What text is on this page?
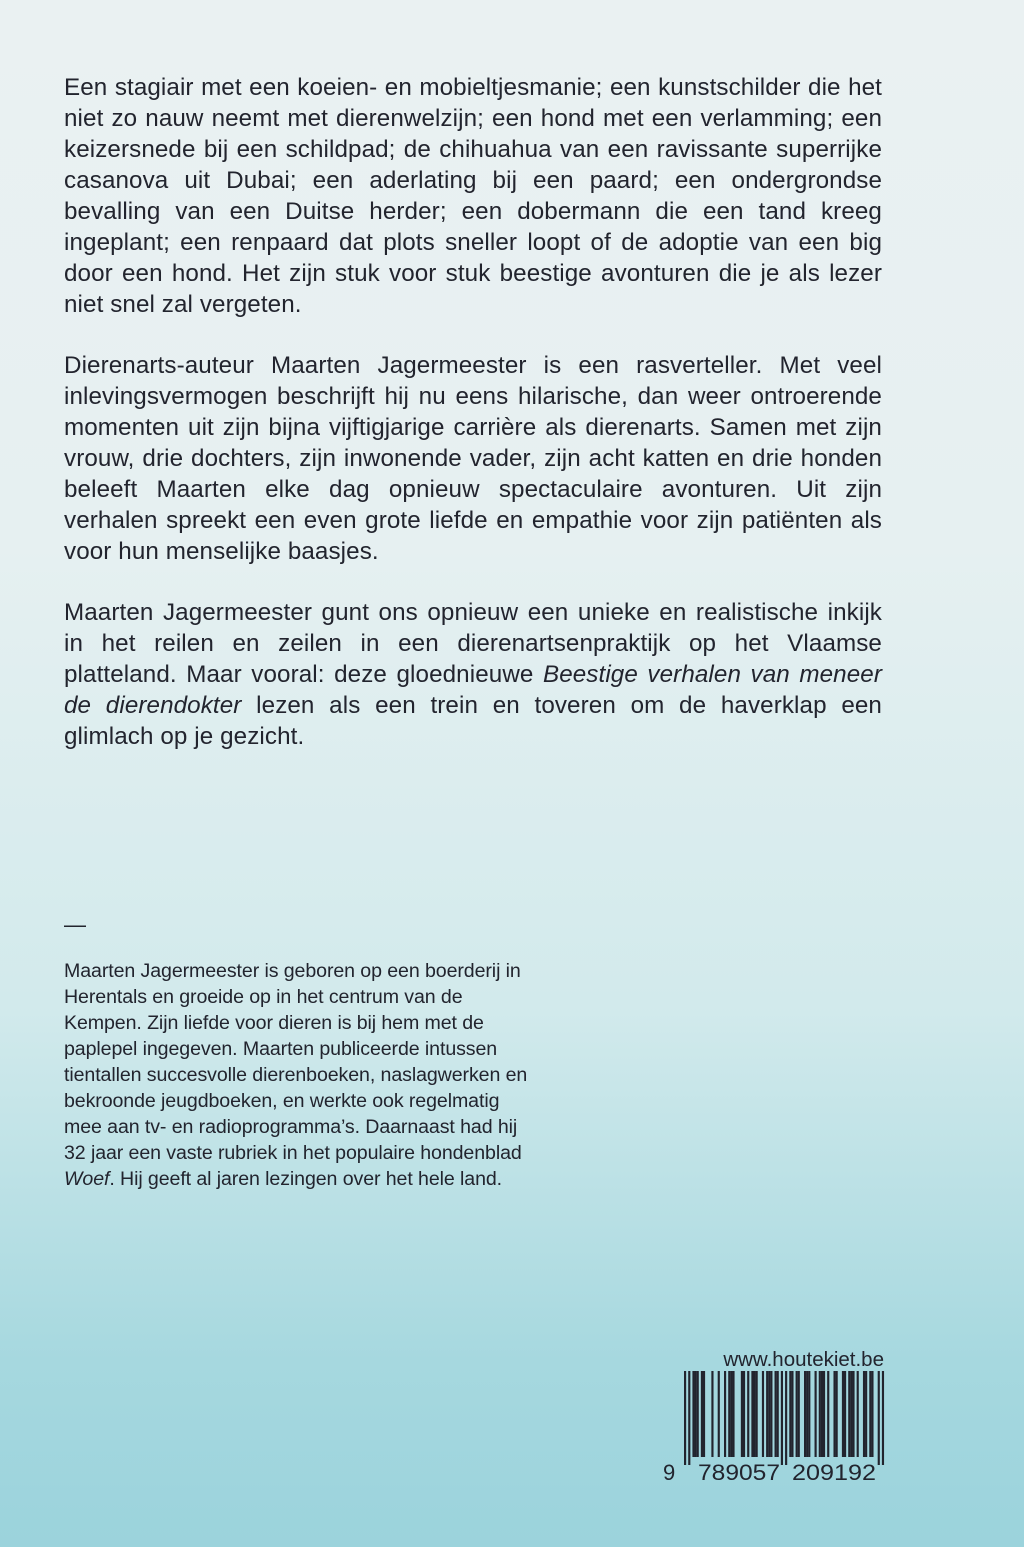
Een stagiair met een koeien- en mobieltjesmanie; een kunstschilder die het niet zo nauw neemt met dierenwelzijn; een hond met een verlamming; een keizersnede bij een schildpad; de chihuahua van een ravissante superrijke casanova uit Dubai; een aderlating bij een paard; een ondergrondse bevalling van een Duitse herder; een dobermann die een tand kreeg ingeplant; een renpaard dat plots sneller loopt of de adoptie van een big door een hond. Het zijn stuk voor stuk beestige avonturen die je als lezer niet snel zal vergeten.

Dierenarts-auteur Maarten Jagermeester is een rasverteller. Met veel inlevingsvermogen beschrijft hij nu eens hilarische, dan weer ontroerende momenten uit zijn bijna vijftigjarige carrière als dierenarts. Samen met zijn vrouw, drie dochters, zijn inwonende vader, zijn acht katten en drie honden beleeft Maarten elke dag opnieuw spectaculaire avonturen. Uit zijn verhalen spreekt een even grote liefde en empathie voor zijn patiënten als voor hun menselijke baasjes.

Maarten Jagermeester gunt ons opnieuw een unieke en realistische inkijk in het reilen en zeilen in een dierenartsenpraktijk op het Vlaamse platteland. Maar vooral: deze gloednieuwe Beestige verhalen van meneer de dierendokter lezen als een trein en toveren om de haverklap een glimlach op je gezicht.

—
Maarten Jagermeester is geboren op een boerderij in Herentals en groeide op in het centrum van de Kempen. Zijn liefde voor dieren is bij hem met de paplepel ingegeven. Maarten publiceerde intussen tientallen succesvolle dierenboeken, naslagwerken en bekroonde jeugdboeken, en werkte ook regelmatig mee aan tv- en radioprogramma’s. Daarnaast had hij 32 jaar een vaste rubriek in het populaire hondenblad Woef. Hij geeft al jaren lezingen over het hele land.
www.houtekiet.be
9 789057 209192
